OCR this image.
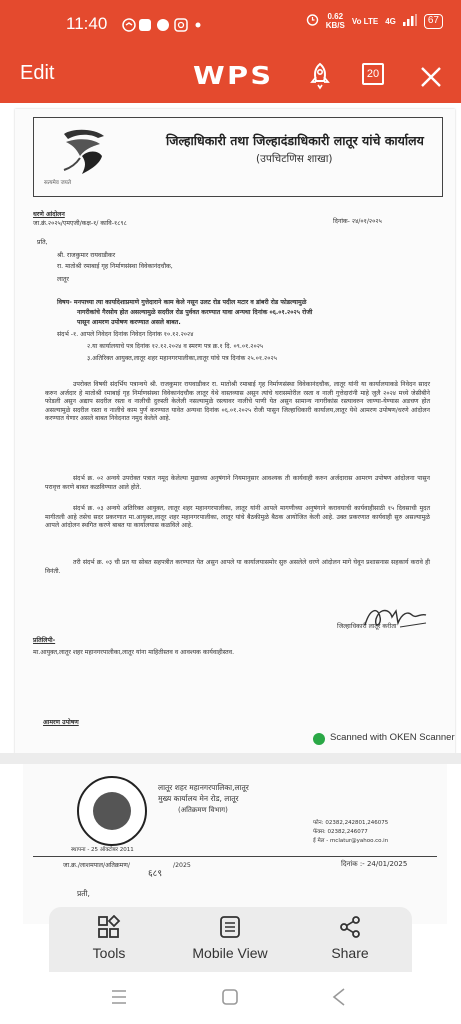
11:40	0.62
KB/S Vo LTE 4G	67
Edit	WPS	20
सत्यमेव जयते
जिल्हाधिकारी तथा जिल्हादंडाधिकारी लातूर यांचे कार्यालय
(उपचिटणिस शाखा)
धरणे आंदोलन
जा.क्रं.२०२५/एमएजी/कक्ष-१/ कावि-१८९८	दिनांक- २४/०१/२०२५
प्रति,
श्री. राजकुमार रायवाडीकर
रा. मातोश्री रमाबाई गृह निर्माणसंस्था विवेकानंदचौक,
लातूर
विषय- मनपाच्या त्या कार्यादेशाप्रमाणे गुत्तेदाराने काम केले नसून उलट रोड पदील मटार व डांबरी रोड फोडल्यामुळे
नागरीकांचे गैरसोय होत असल्यामुळे सदरील रोड पुर्ववत करण्यात यावा अन्यथा दिनांक ०६.०१.२०२५ रोजी
पासून आमरण उपोषण करण्यात असले बाबत.
संदर्भ -१. आपले निवेदन दिनांक निवेदन दिनांक १०.१२.२०२४
२.या कार्यालयाचे पत्र दिनांक १२.१२.२०२४ व स्मरण पत्र क्र.१ दि. ०९.०१.२०२५
३.अतिरिक्त आयुक्त,लातूर शहर महानगरपालीका,लातूर यांचे पत्र दिनांक २५.०१.२०२५
उपरोक्त विषयी संदर्भिय पत्रान्वये श्री. राजकुमार रायवाडीकर रा. मातोश्री रमाबाई गृह निर्माणसंस्था विवेकानंदचौक, लातूर यांनी या कार्यालयाकडे निवेदन सादर करुन अर्जदार हे मातोश्री रमाबाई गृह निर्माणसंस्था विवेकानंदचौक लातूर येथे वास्तव्यास असुन त्यांचे घरासमोरील रस्ता व नाली गुत्तेदारांनी माहे जुलै २०२४ मध्ये जेसीबीने फोडली असुन अद्याप सदरील रस्ता व नालीची दुरुस्ती केलेली नसल्यामुळे रस्त्यावर नालीचे पाणी येत असुन सामान्य नागरीकांस रस्त्यावरुन जाण्या-येण्यास अडचण होत असल्यामुळे सदरील रस्ता व नालीचे काम पुर्ण करण्यात यावेत अन्यथा दिनांक ०६.०१.२०२५ रोजी पासुन जिल्हाधिकारी कार्यालय,लातूर येथे आमरण उपोषण/धरणे आंदोलन करण्यात येणार असले बाबत निवेदनात नमुद केलेले आहे.
संदर्भ क्र. ०२ अन्वये उपरोक्त पत्रात नमूद केलेल्या मुद्याच्या अनुषंगाने नियमानुसार आवश्यक ती कार्यवाही करुन अर्जदारास आमरण उपोषण आंदोलना पासुन परावृत्त करणे बाबत कळविण्यात आले होते.
संदर्भ क्र. ०३ अन्वये अतिरिक्त आयुक्त, लातूर शहर महानगरपालीका, लातूर यांनी आपले मागणीच्या अनुषंगाने करावयाची कार्यवाहीसाठी १५ दिवसाची मुदत मागीतली आहे तसेच सदर प्रकरणात मा.आयुक्त,लातूर शहर महानगरपालीका, लातूर यांचे बैठकीमुळे बैठक आयोजित केली आहे. उक्त प्रकरणात कार्यवाही सुरु असल्यामुळे आपले आंदोलन स्थगित करणे बाबत या कार्यालयास कळविले आहे.
तरी संदर्भ क्र. ०३ ची प्रत या सोबत सहपत्रीत करण्यात येत असुन आपले या कार्यालयासमोर सुरु असलेले धरणे आंदोलन मागे घेवून प्रशासनास सहकार्य करावे ही विनंती.
जिल्हाधिकारी लातूर करीता
प्रतिलिपी-
मा.आयुक्त,लातूर शहर महानगरपालीका,लातूर यांना माहितीस्तव व आवश्यक कार्यवाहीस्तव.
आमरण उपोषण
Scanned with OKEN Scanner
स्थापना - 25 ऑक्टोबर 2011
लातूर शहर महानगरपालिका,लातूर
मुख्य कार्यालय मेन रोड, लातूर
(अतिक्रमण विभाग)
फोन: 02382,242801,246075
फॅक्स: 02382,246077
ई मेल - mclatur@yahoo.co.in
जा.क्र./लाशमपाल/अतिक्रमण/	/2025
६८९
दिनांक :- 24/01/2025
प्रती,
Tools	Mobile View	Share
